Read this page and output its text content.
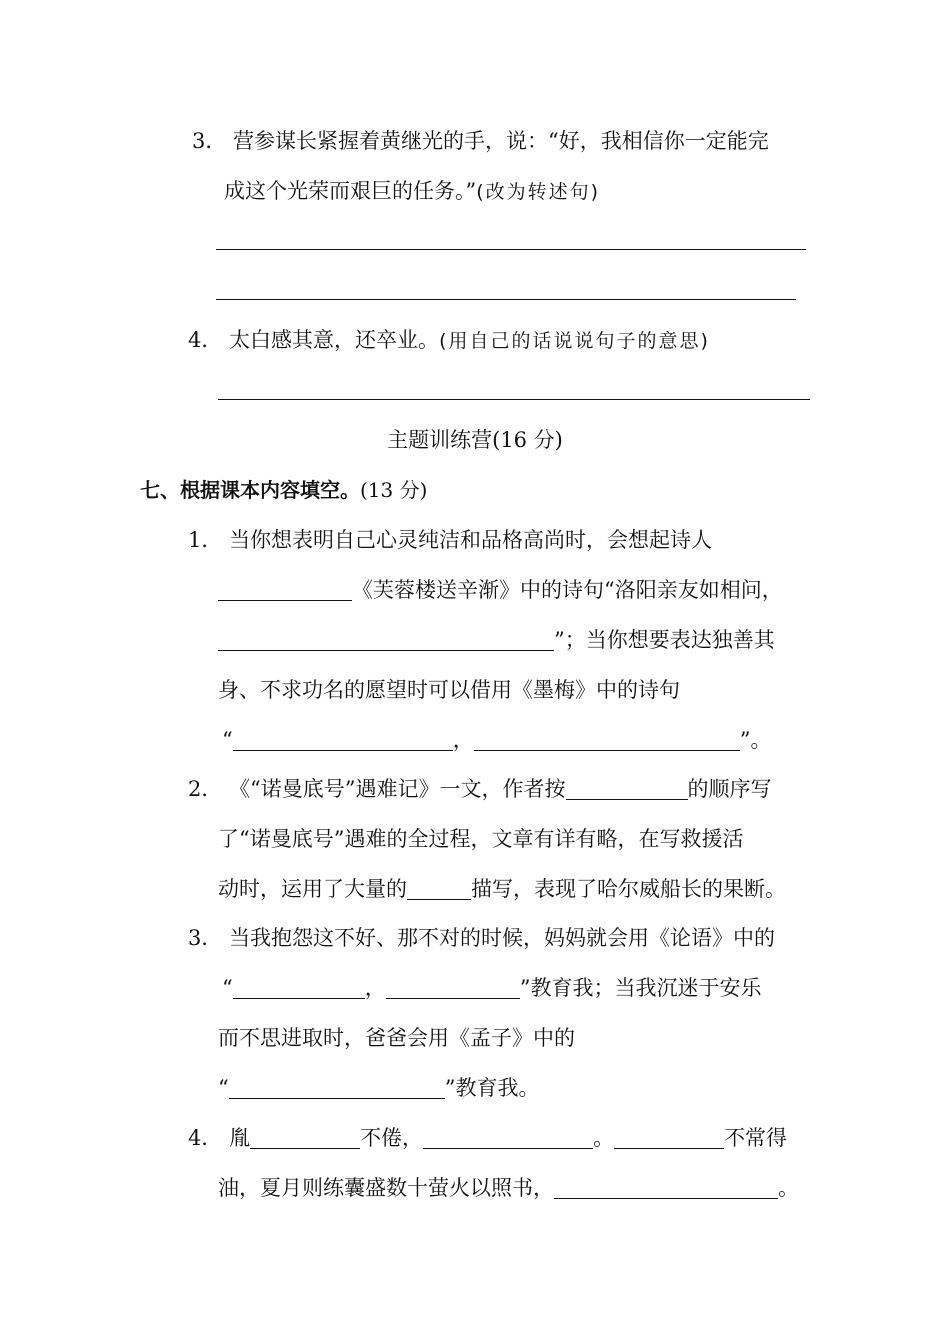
3． 营参谋长紧握着黄继光的手，说：“好，我相信你一定能完
成这个光荣而艰巨的任务。”(改为转述句)
4． 太白感其意，还卒业。(用自己的话说说句子的意思)
主题训练营(16 分)
七、根据课本内容填空。(13 分)
1． 当你想表明自己心灵纯洁和品格高尚时，会想起诗人
《芙蓉楼送辛渐》中的诗句“洛阳亲友如相问，
”；当你想要表达独善其
身、不求功名的愿望时可以借用《墨梅》中的诗句
“	，	”。
2． 《“诺曼底号”遇难记》一文，作者按	的顺序写
了“诺曼底号”遇难的全过程，文章有详有略，在写救援活
动时，运用了大量的	描写，表现了哈尔威船长的果断。
3． 当我抱怨这不好、那不对的时候，妈妈就会用《论语》中的
“	，	”教育我；当我沉迷于安乐
而不思进取时，爸爸会用《孟子》中的
“	”教育我。
4． 胤	不倦，	。	不常得
油，夏月则练囊盛数十萤火以照书，	。
